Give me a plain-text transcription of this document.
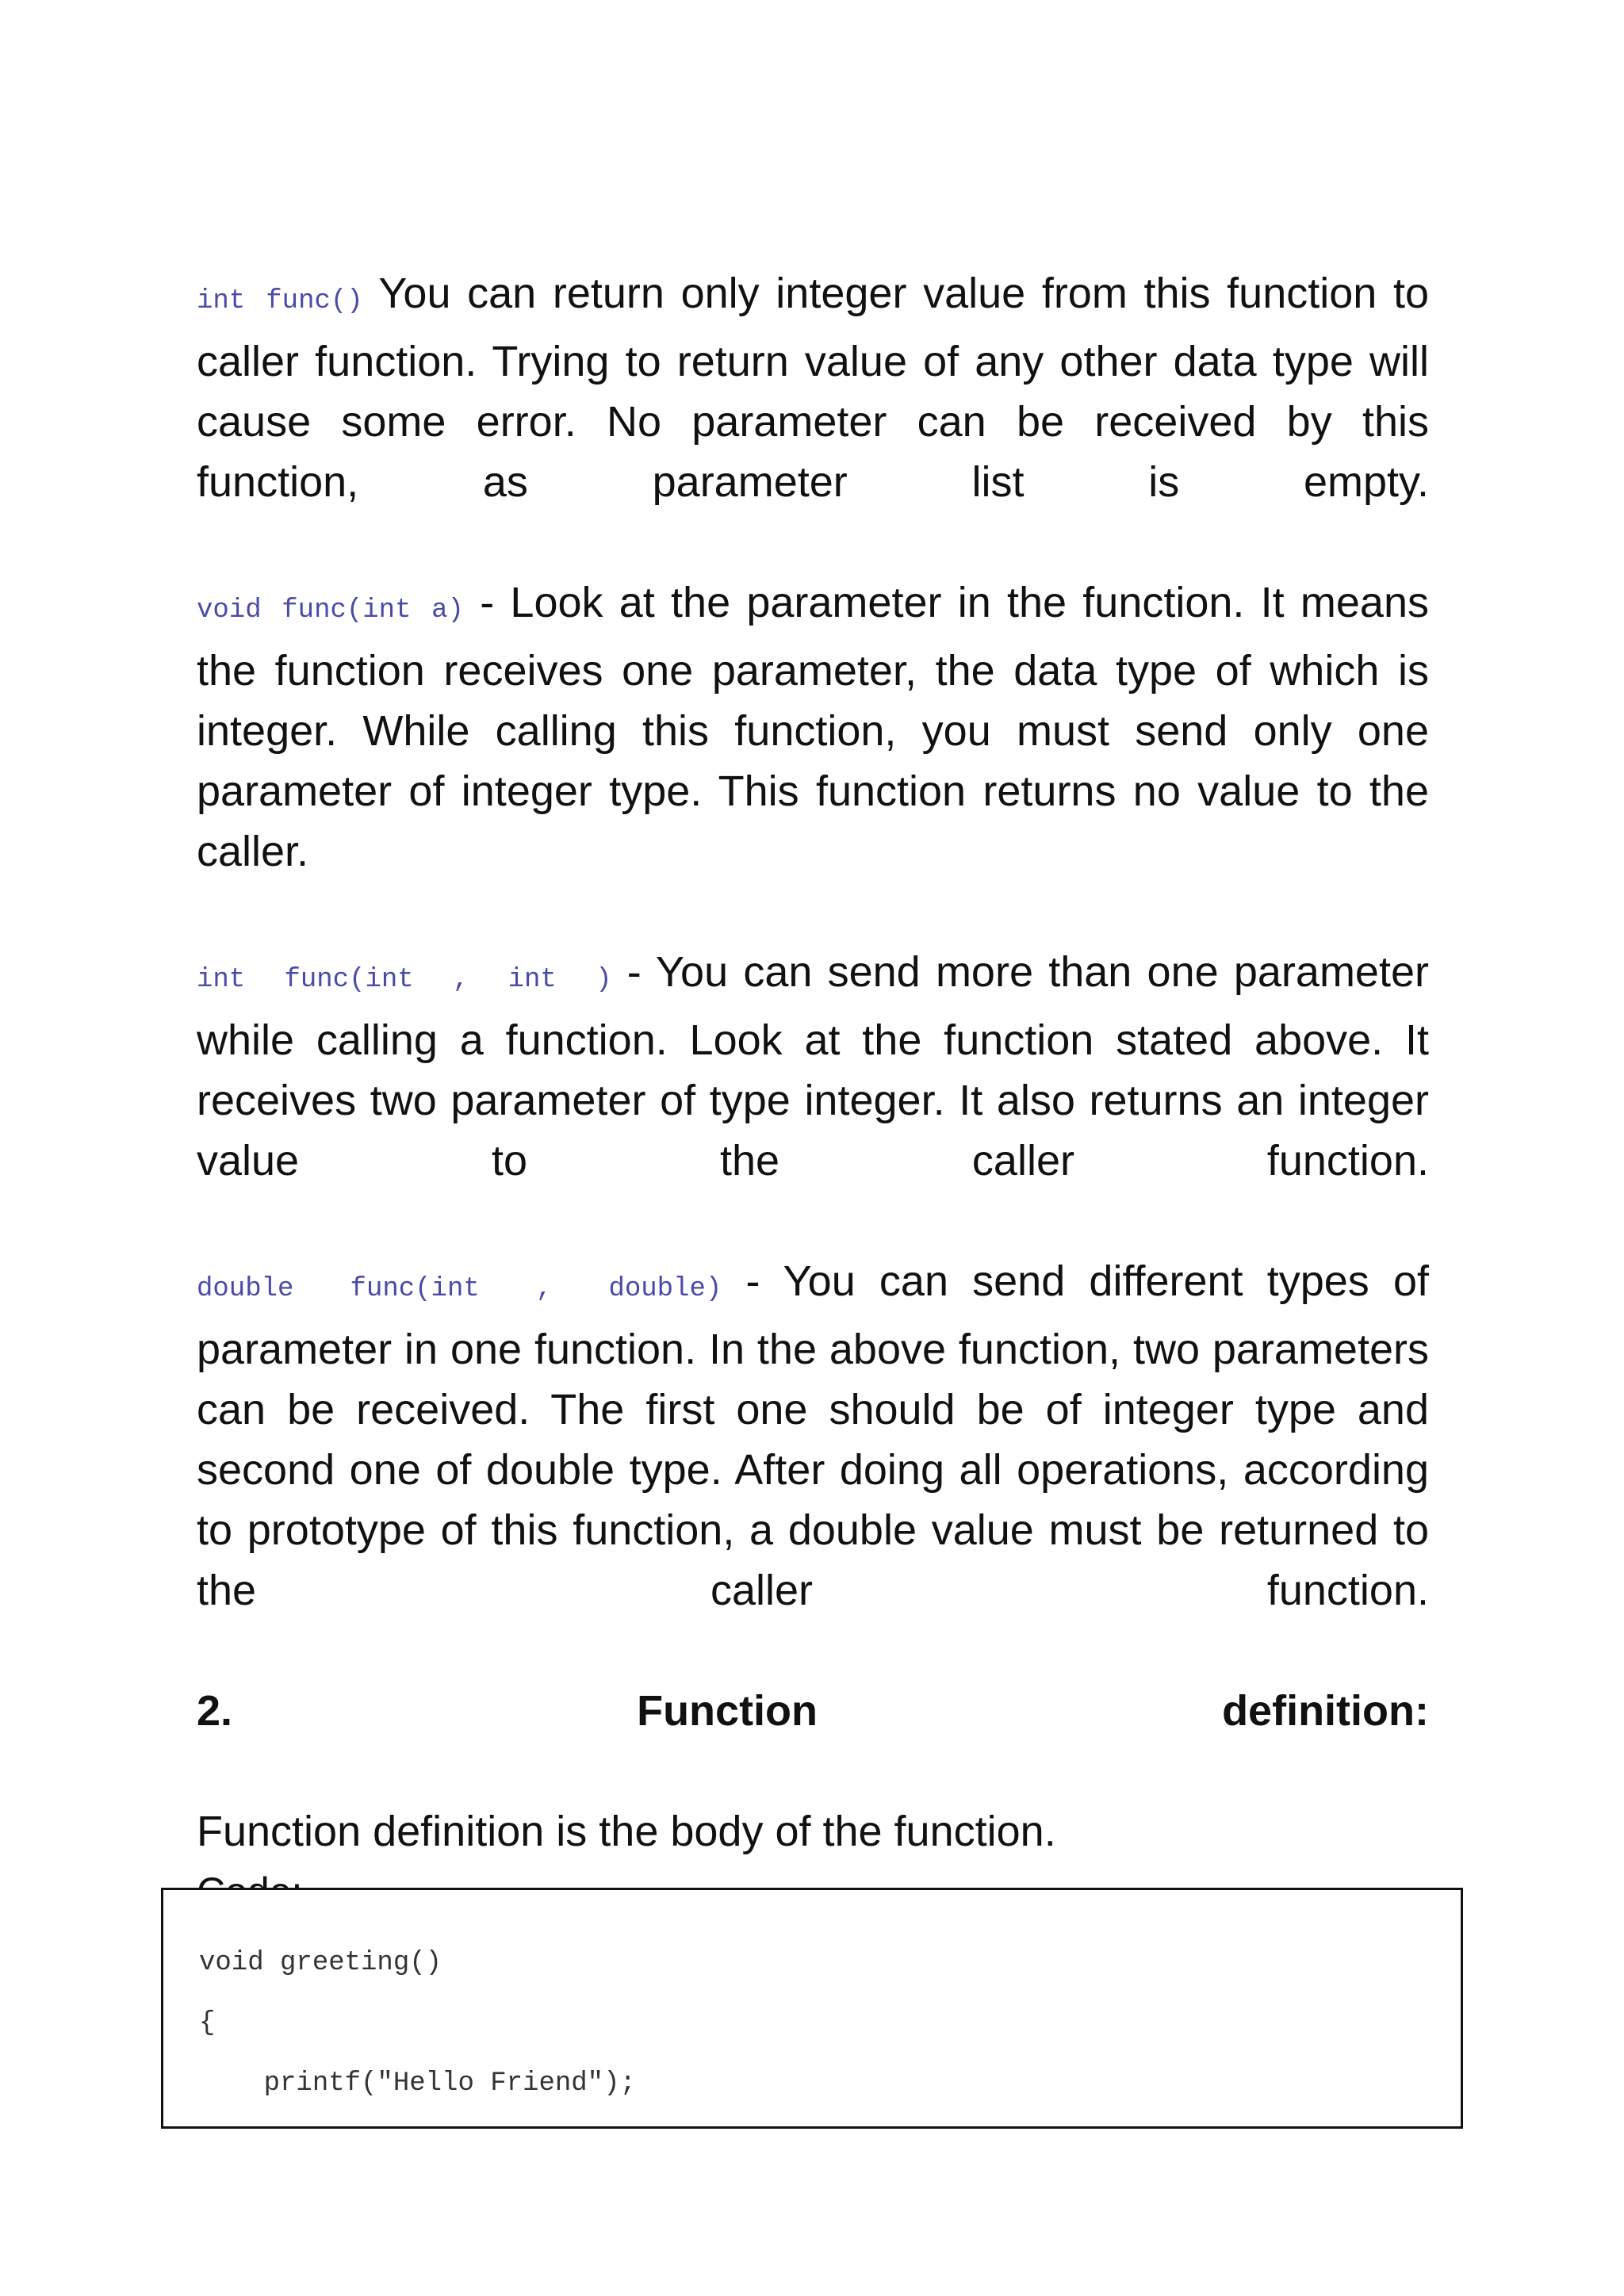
int func() You can return only integer value from this function to caller function. Trying to return value of any other data type will cause some error. No parameter can be received by this function, as parameter list is empty.

void func(int a) - Look at the parameter in the function. It means the function receives one parameter, the data type of which is integer. While calling this function, you must send only one parameter of integer type. This function returns no value to the caller.

int  func(int  ,  int  ) - You can send more than one parameter while calling a function. Look at the function stated above. It receives two parameter of type integer. It also returns an integer value to the caller function.

double  func(int  ,  double) - You can send different types of parameter in one function. In the above function, two parameters can be received. The first one should be of integer type and second one of double type. After doing all operations, according to prototype of this function, a double value must be returned to the caller function.

2. Function definition:

Function definition is the body of the function.

void greeting()
{
printf("Hello Friend");
